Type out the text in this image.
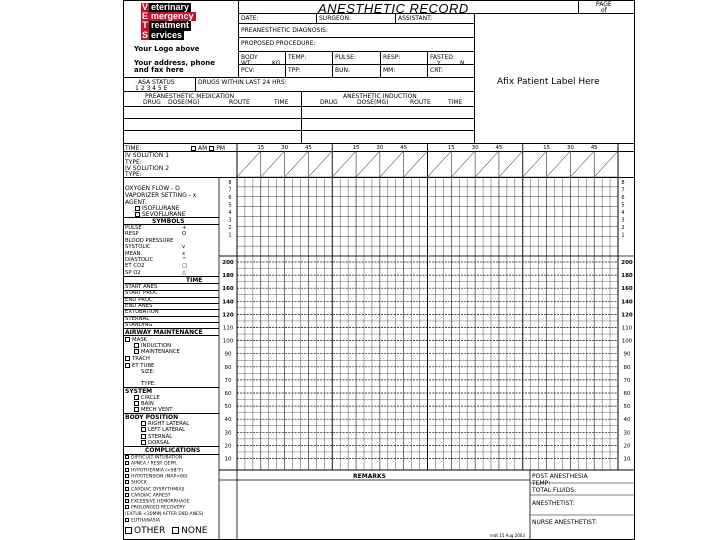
V eterinary
E mergency
T reatment
S ervices
Your Logo above
Your address, phone
and fax here
ANESTHETIC RECORD	PAGE
of
DATE:	SURGEON:	ASSISTANT:
PREANESTHETIC DIAGNOSIS:
PROPOSED PROCEDURE:
BODY
WT:	KG
TEMP:	PULSE:	RESP:	FASTED:
Y	N
PCV:	TPP:	BUN:	MM:	CRT:
Afix Patient Label Here
ASA STATUS
1 2 3 4 5 E
DRUGS WITHIN LAST 24 HRS:
PREANESTHETIC MEDICATION	ANESTHETIC INDUCTION
DRUG DOSE(MG)	ROUTE	TIME	DRUG	DOSE(MG)	ROUTE	TIME
TIME:	AM PM
IV SOLUTION 1
TYPE:
IV SOLUTION 2
TYPE:
OXYGEN FLOW - O
VAPORIZER SETTING - x
AGENT:
ISOFLURANE
SEVOFLURANE
SYMBOLS
TIME
AIRWAY MAINTENANCE
MASK
INDUCTION
MAINTENANCE
TRACH
ET TUBE
SIZE:
TYPE:
SYSTEM
CIRCLE
BAIN
MECH VENT
BODY POSITION
COMPLICATIONS
OTHER NONE
15	30	45	15	30	45	15	30	45	15	30	45
8	8
7	7
6	6
5	5
4	4
3	3
2	2
1	1
200	200
180	180
160	160
140	140
120	120
110	110
100	100
90	90
80	80
70	70
60	60
50	50
40	40
30	30
20	20
10	10
REMARKS	POST ANESTHESIA
TEMP:
TOTAL FLUIDS:
ANESTHETIST:
NURSE ANESTHETIST:
mdt 15 Aug 2003
PULSE	+
RESP	O
BLOOD PRESSURE
SYSTOLIC	v
MEAN	x
DIASTOLIC	^
ET CO2	□
SP O2	△
START ANES
START PROC
END PROC
END ANES
EXTUBATION
STERNAL
STANDING
RIGHT LATERAL
LEFT LATERAL
STERNAL
DORSAL
DIFFICULT INTUBATION
APNEA / RESP. DEPR.
HYPOTHERMIA (<98°F)
HYPOTENSION (MAP<60)
SHOCK
CARDIAC DYSRYTHMIAS
CARDIAC ARREST
EXCESSIVE HEMORRHAGE
PROLONGED RECOVERY
(EXTUB <30MIN AFTER END ANES)
EUTHANASIA
